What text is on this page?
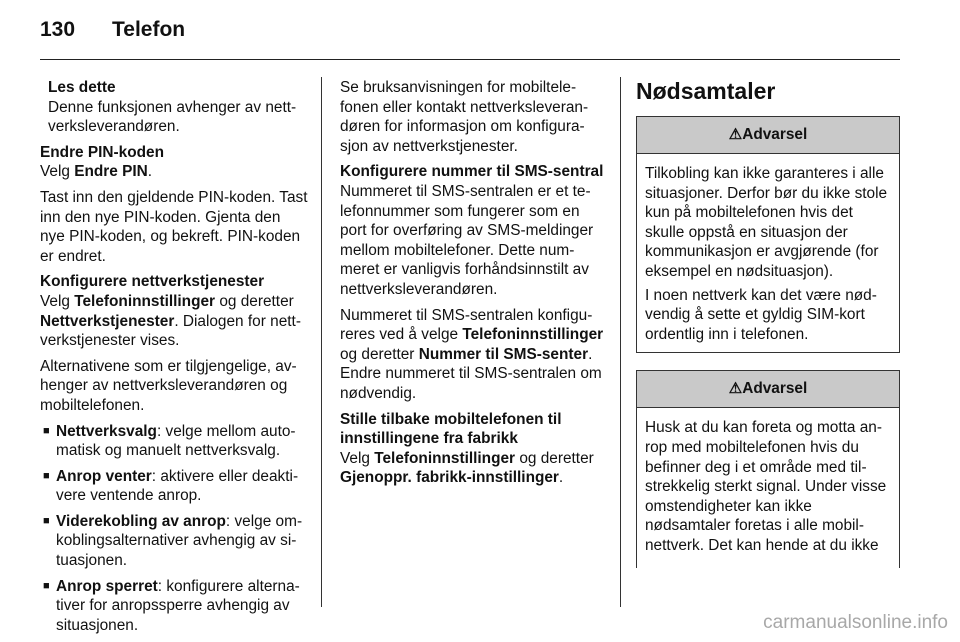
130 Telefon
Les dette
Denne funksjonen avhenger av nettverksleverandøren.
Endre PIN-koden

Velg Endre PIN.

Tast inn den gjeldende PIN-koden. Tast inn den nye PIN-koden. Gjenta den nye PIN-koden, og bekreft. PIN-koden er endret.

Konfigurere nettverkstjenester

Velg Telefoninnstillinger og deretter Nettverkstjenester. Dialogen for nettverkstjenester vises.

Alternativene som er tilgjengelige, avhenger av nettverksleverandøren og mobiltelefonen.

■ Nettverksvalg: velge mellom automatisk og manuelt nettverksvalg.
■ Anrop venter: aktivere eller deaktivere ventende anrop.
■ Viderekobling av anrop: velge omkoblingsalternativer avhengig av situasjonen.
■ Anrop sperret: konfigurere alternativer for anropssperre avhengig av situasjonen.

Se bruksanvisningen for mobiltelefonen eller kontakt nettverksleverandøren for informasjon om konfigurasjon av nettverkstjenester.

Konfigurere nummer til SMS-sentral

Nummeret til SMS-sentralen er et telefonnummer som fungerer som en port for overføring av SMS-meldinger mellom mobiltelefoner. Dette nummeret er vanligvis forhåndsinnstilt av nettverksleverandøren.

Nummeret til SMS-sentralen konfigureres ved å velge Telefoninnstillinger og deretter Nummer til SMS-senter. Endre nummeret til SMS-sentralen om nødvendig.

Stille tilbake mobiltelefonen til innstillingene fra fabrikk

Velg Telefoninnstillinger og deretter Gjenoppr. fabrikk-innstillinger.

Nødsamtaler
⚠Advarsel

Tilkobling kan ikke garanteres i alle situasjoner. Derfor bør du ikke stole kun på mobiltelefonen hvis det skulle oppstå en situasjon der kommunikasjon er avgjørende (for eksempel en nødsituasjon).

I noen nettverk kan det være nødvendig å sette et gyldig SIM-kort ordentlig inn i telefonen.

⚠Advarsel

Husk at du kan foreta og motta anrop med mobiltelefonen hvis du befinner deg i et område med tilstrekkelig sterkt signal. Under visse omstendigheter kan ikke nødsamtaler foretas i alle mobilnettverk. Det kan hende at du ikke

carmanualsonline.info
